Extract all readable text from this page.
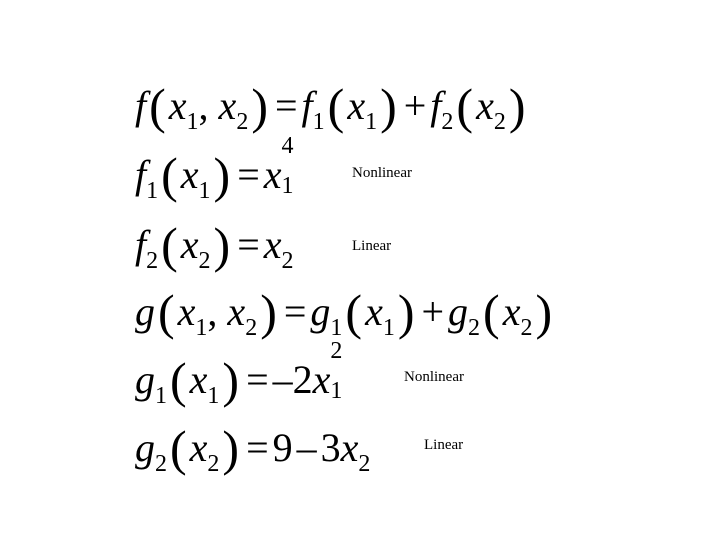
$f(x_1$, $x_2) = f_1(x_1) + f_2(x_2)$
$f_1(x_1) = x$
4
1	Nonlinear
$f_2(x_2) = x_2$
Linear
$g(x_1$, $x_2) = g_1(x_1) + g_2(x_2)$
$g_1(x_1) = -2x$
2
1
Nonlinear
$g_2(x_2) = 9 - 3x_2$
Linear
